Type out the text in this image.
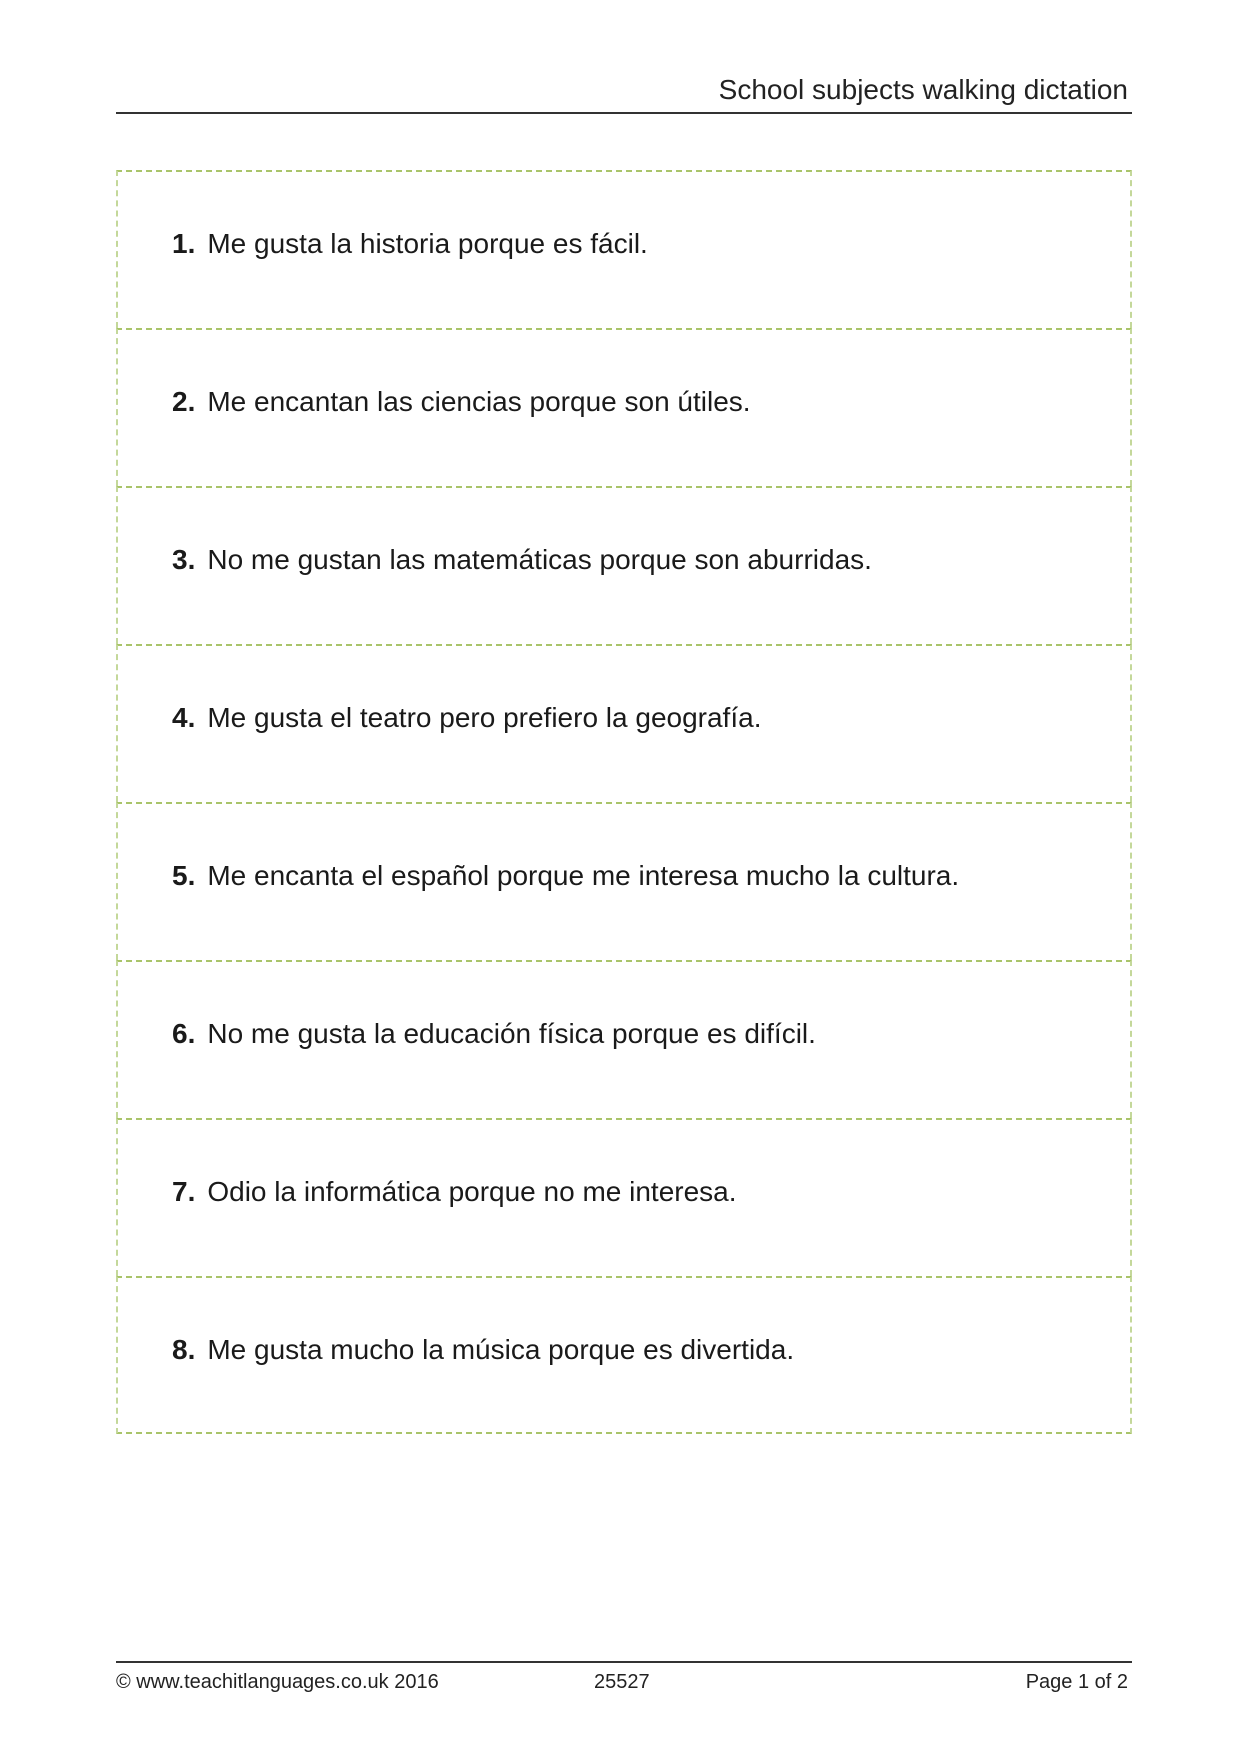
School subjects walking dictation
1. Me gusta la historia porque es fácil.
2. Me encantan las ciencias porque son útiles.
3. No me gustan las matemáticas porque son aburridas.
4. Me gusta el teatro pero prefiero la geografía.
5. Me encanta el español porque me interesa mucho la cultura.
6. No me gusta la educación física porque es difícil.
7. Odio la informática porque no me interesa.
8. Me gusta mucho la música porque es divertida.
© www.teachitlanguages.co.uk 2016	25527	Page 1 of 2
